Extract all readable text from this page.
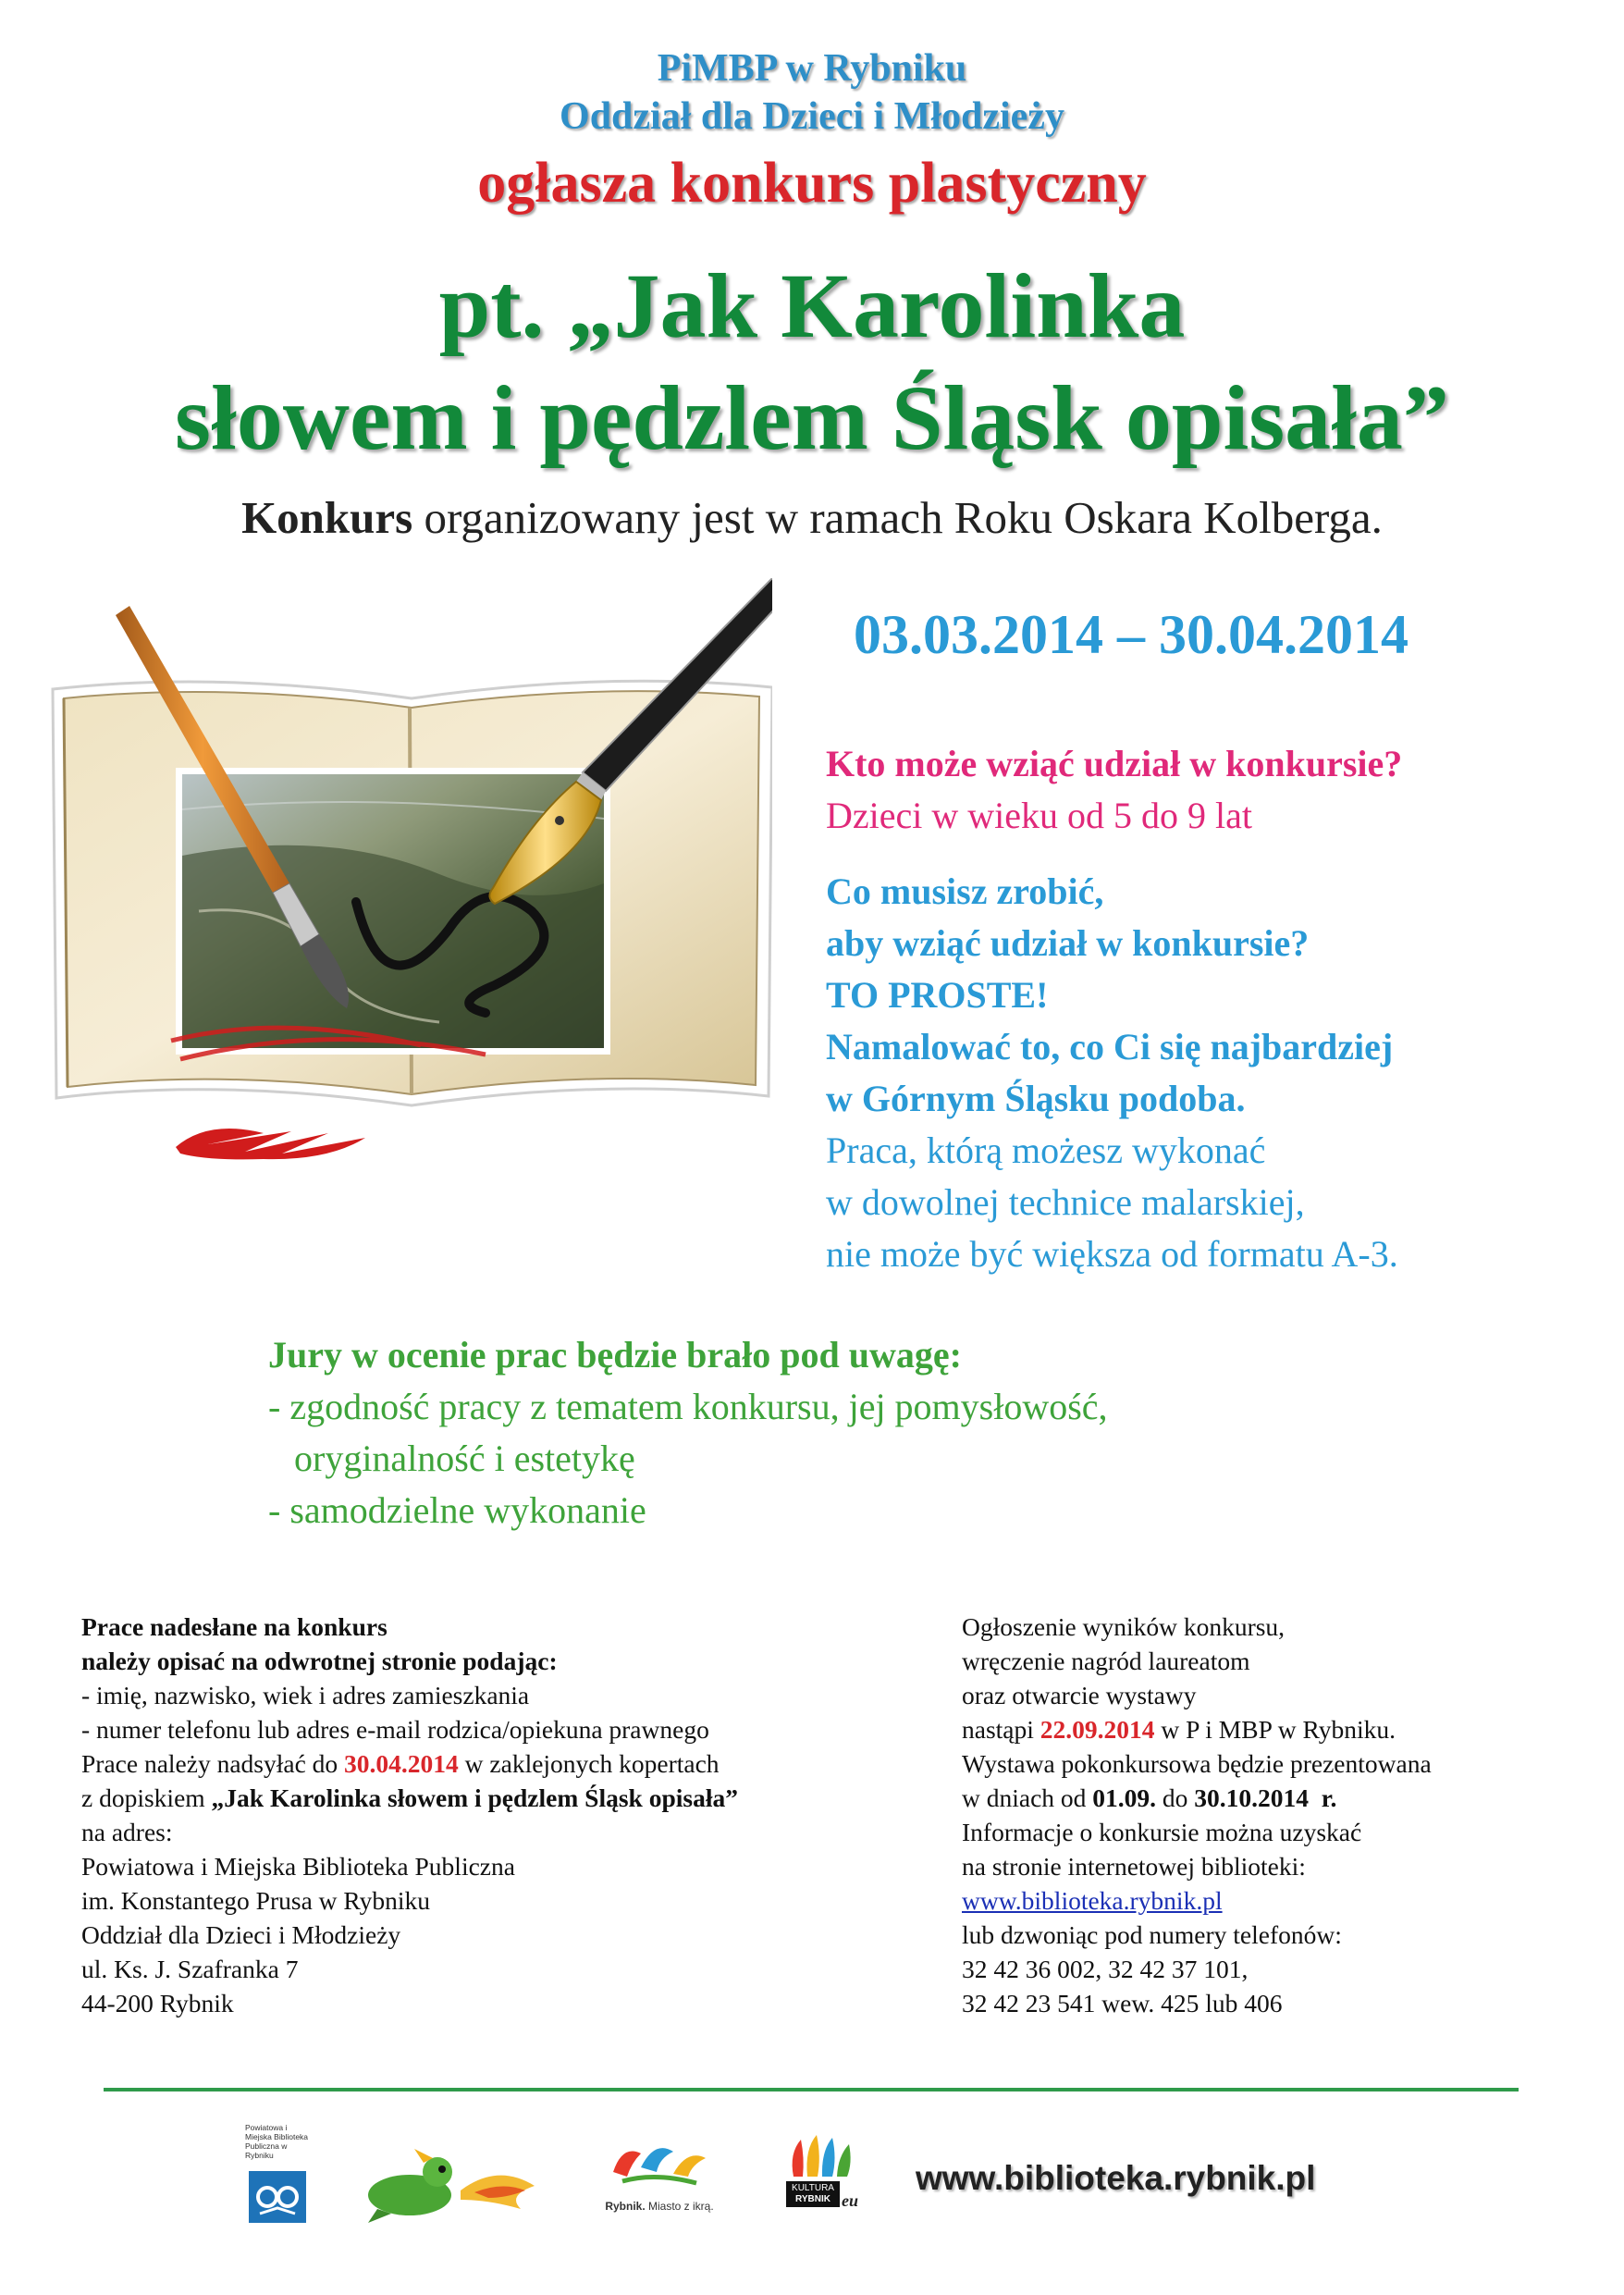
PiMBP w Rybniku
Oddział dla Dzieci i Młodzieży
ogłasza konkurs plastyczny
pt. „Jak Karolinka
słowem i pędzlem Śląsk opisała”
Konkurs organizowany jest w ramach Roku Oskara Kolberga.
03.03.2014 – 30.04.2014
Kto może wziąć udział w konkursie?
Dzieci w wieku od 5 do 9 lat
Co musisz zrobić,
aby wziąć udział w konkursie?
TO PROSTE!
Namalować to, co Ci się najbardziej
w Górnym Śląsku podoba.
Praca, którą możesz wykonać
w dowolnej technice malarskiej,
nie może być większa od formatu A-3.
Jury w ocenie prac będzie brało pod uwagę:
- zgodność pracy z tematem konkursu, jej pomysłowość,
oryginalność i estetykę
- samodzielne wykonanie
Prace nadesłane na konkurs
należy opisać na odwrotnej stronie podając:
- imię, nazwisko, wiek i adres zamieszkania
- numer telefonu lub adres e-mail rodzica/opiekuna prawnego
Prace należy nadsyłać do 30.04.2014 w zaklejonych kopertach
z dopiskiem „Jak Karolinka słowem i pędzlem Śląsk opisała”
na adres:
Powiatowa i Miejska Biblioteka Publiczna
im. Konstantego Prusa w Rybniku
Oddział dla Dzieci i Młodzieży
ul. Ks. J. Szafranka 7
44-200 Rybnik
Ogłoszenie wyników konkursu,
wręczenie nagród laureatom
oraz otwarcie wystawy
nastąpi 22.09.2014 w P i MBP w Rybniku.
Wystawa pokonkursowa będzie prezentowana
w dniach od 01.09. do 30.10.2014  r.
Informacje o konkursie można uzyskać
na stronie internetowej biblioteki:
www.biblioteka.rybnik.pl
lub dzwoniąc pod numery telefonów:
32 42 36 002, 32 42 37 101,
32 42 23 541 wew. 425 lub 406
Powiatowa i Miejska Biblioteka Publiczna w Rybniku
Rybnik. Miasto z ikrą.
KULTURA
RYBNIK eu
www.biblioteka.rybnik.pl
